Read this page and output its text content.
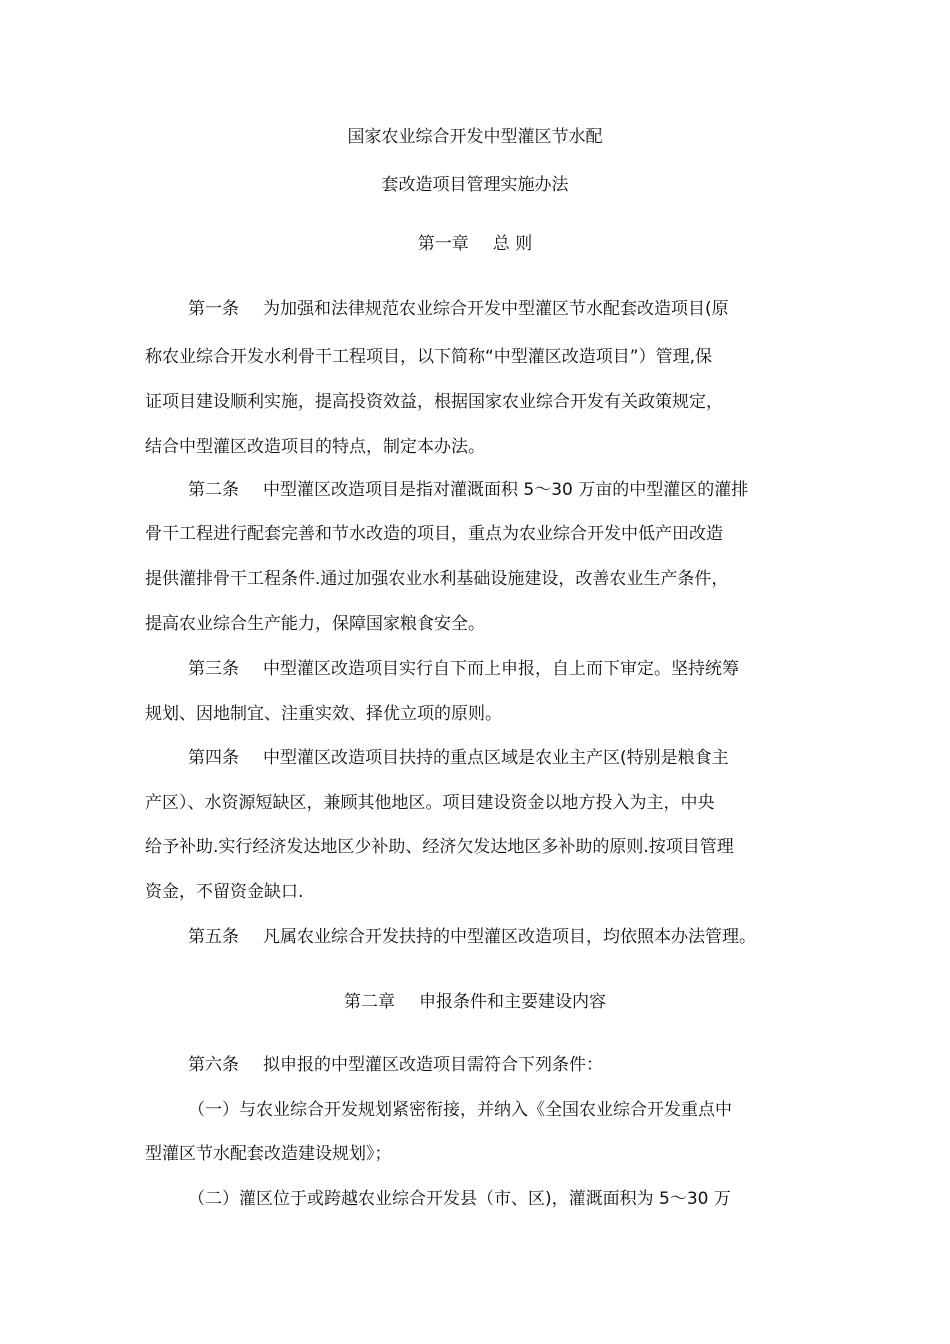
国家农业综合开发中型灌区节水配
套改造项目管理实施办法
第一章 总 则
第一条 为加强和法律规范农业综合开发中型灌区节水配套改造项目(原
称农业综合开发水利骨干工程项目，以下简称“中型灌区改造项目”）管理,保
证项目建设顺利实施，提高投资效益，根据国家农业综合开发有关政策规定，
结合中型灌区改造项目的特点，制定本办法。
第二条 中型灌区改造项目是指对灌溉面积 5～30 万亩的中型灌区的灌排
骨干工程进行配套完善和节水改造的项目，重点为农业综合开发中低产田改造
提供灌排骨干工程条件.通过加强农业水利基础设施建设，改善农业生产条件，
提高农业综合生产能力，保障国家粮食安全。
第三条 中型灌区改造项目实行自下而上申报，自上而下审定。坚持统筹
规划、因地制宜、注重实效、择优立项的原则。
第四条 中型灌区改造项目扶持的重点区域是农业主产区(特别是粮食主
产区）、水资源短缺区，兼顾其他地区。项目建设资金以地方投入为主，中央
给予补助.实行经济发达地区少补助、经济欠发达地区多补助的原则.按项目管理
资金，不留资金缺口.
第五条 凡属农业综合开发扶持的中型灌区改造项目，均依照本办法管理。
第二章 申报条件和主要建设内容
第六条 拟申报的中型灌区改造项目需符合下列条件：
（一）与农业综合开发规划紧密衔接，并纳入《全国农业综合开发重点中
型灌区节水配套改造建设规划》；
（二）灌区位于或跨越农业综合开发县（市、区)，灌溉面积为 5～30 万
